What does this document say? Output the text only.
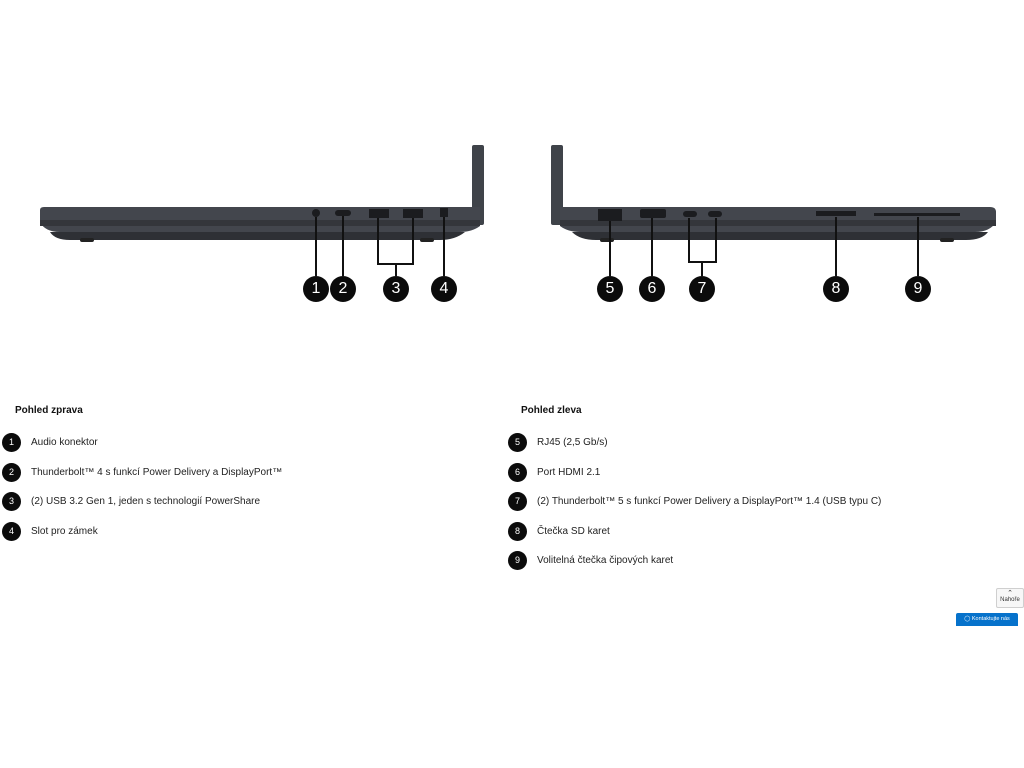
1	2	3	4	5	6	7	8	9
Pohled zprava
1	Audio konektor
2	Thunderbolt™ 4 s funkcí Power Delivery a DisplayPort™
3	(2) USB 3.2 Gen 1, jeden s technologií PowerShare
4	Slot pro zámek
Pohled zleva
5	RJ45 (2,5 Gb/s)
6	Port HDMI 2.1
7	(2) Thunderbolt™ 5 s funkcí Power Delivery a DisplayPort™ 1.4 (USB typu C)
8	Čtečka SD karet
9	Volitelná čtečka čipových karet
⌃
Nahoře
◯ Kontaktujte nás
